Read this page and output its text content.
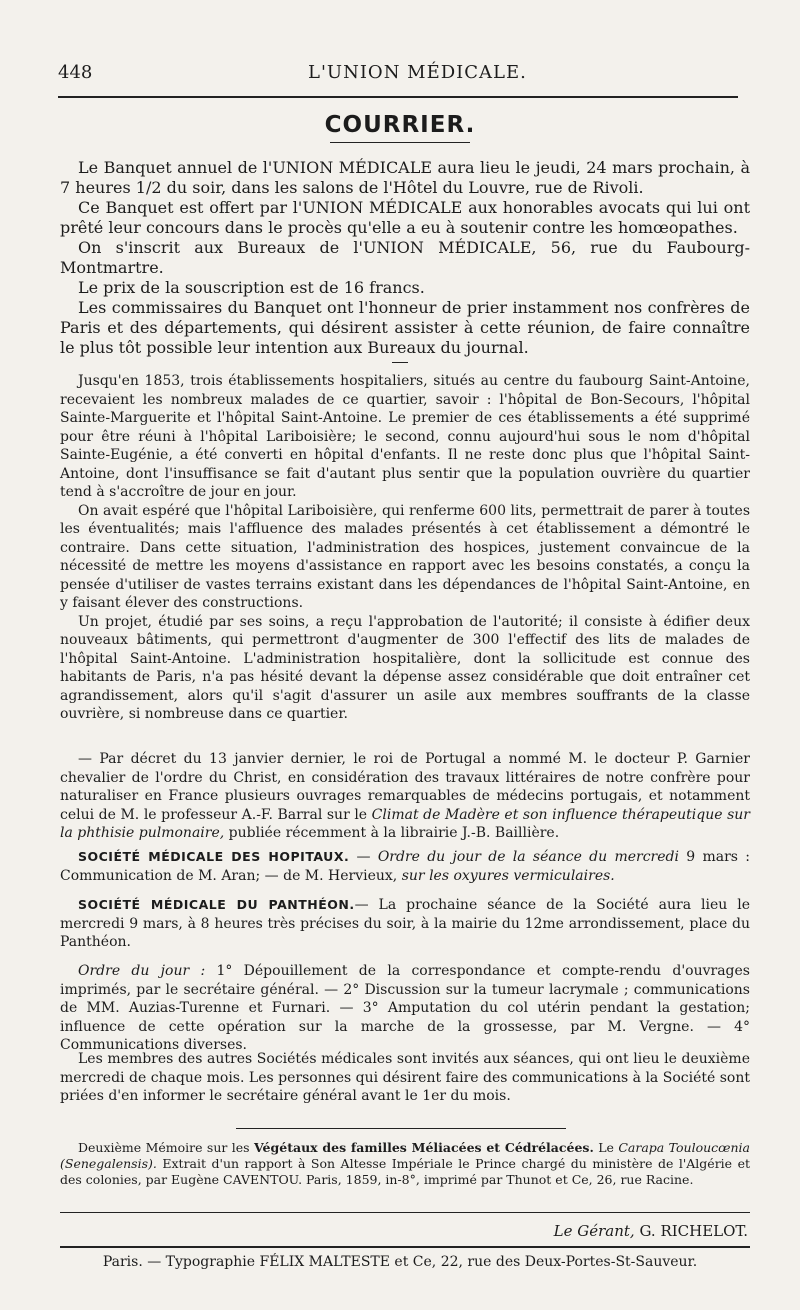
448	L'UNION MÉDICALE.
COURRIER.

Le Banquet annuel de l'UNION MÉDICALE aura lieu le jeudi, 24 mars prochain, à 7 heures 1/2 du soir, dans les salons de l'Hôtel du Louvre, rue de Rivoli.

Ce Banquet est offert par l'UNION MÉDICALE aux honorables avocats qui lui ont prêté leur concours dans le procès qu'elle a eu à soutenir contre les homœopathes.

On s'inscrit aux Bureaux de l'UNION MÉDICALE, 56, rue du Faubourg-Montmartre.

Le prix de la souscription est de 16 francs.

Les commissaires du Banquet ont l'honneur de prier instamment nos confrères de Paris et des départements, qui désirent assister à cette réunion, de faire connaître le plus tôt possible leur intention aux Bureaux du journal.

Jusqu'en 1853, trois établissements hospitaliers, situés au centre du faubourg Saint-Antoine, recevaient les nombreux malades de ce quartier, savoir : l'hôpital de Bon-Secours, l'hôpital Sainte-Marguerite et l'hôpital Saint-Antoine. Le premier de ces établissements a été supprimé pour être réuni à l'hôpital Lariboisière; le second, connu aujourd'hui sous le nom d'hôpital Sainte-Eugénie, a été converti en hôpital d'enfants. Il ne reste donc plus que l'hôpital Saint-Antoine, dont l'insuffisance se fait d'autant plus sentir que la population ouvrière du quartier tend à s'accroître de jour en jour.

On avait espéré que l'hôpital Lariboisière, qui renferme 600 lits, permettrait de parer à toutes les éventualités; mais l'affluence des malades présentés à cet établissement a démontré le contraire. Dans cette situation, l'administration des hospices, justement convaincue de la nécessité de mettre les moyens d'assistance en rapport avec les besoins constatés, a conçu la pensée d'utiliser de vastes terrains existant dans les dépendances de l'hôpital Saint-Antoine, en y faisant élever des constructions.

Un projet, étudié par ses soins, a reçu l'approbation de l'autorité; il consiste à édifier deux nouveaux bâtiments, qui permettront d'augmenter de 300 l'effectif des lits de malades de l'hôpital Saint-Antoine. L'administration hospitalière, dont la sollicitude est connue des habitants de Paris, n'a pas hésité devant la dépense assez considérable que doit entraîner cet agrandissement, alors qu'il s'agit d'assurer un asile aux membres souffrants de la classe ouvrière, si nombreuse dans ce quartier.

— Par décret du 13 janvier dernier, le roi de Portugal a nommé M. le docteur P. Garnier chevalier de l'ordre du Christ, en considération des travaux littéraires de notre confrère pour naturaliser en France plusieurs ouvrages remarquables de médecins portugais, et notamment celui de M. le professeur A.-F. Barral sur le Climat de Madère et son influence thérapeutique sur la phthisie pulmonaire, publiée récemment à la librairie J.-B. Baillière.

SOCIÉTÉ MÉDICALE DES HOPITAUX. — Ordre du jour de la séance du mercredi 9 mars : Communication de M. Aran; — de M. Hervieux, sur les oxyures vermiculaires.

SOCIÉTÉ MÉDICALE DU PANTHÉON.— La prochaine séance de la Société aura lieu le mercredi 9 mars, à 8 heures très précises du soir, à la mairie du 12me arrondissement, place du Panthéon.

Ordre du jour : 1° Dépouillement de la correspondance et compte-rendu d'ouvrages imprimés, par le secrétaire général. — 2° Discussion sur la tumeur lacrymale ; communications de MM. Auzias-Turenne et Furnari. — 3° Amputation du col utérin pendant la gestation; influence de cette opération sur la marche de la grossesse, par M. Vergne. — 4° Communications diverses.

Les membres des autres Sociétés médicales sont invités aux séances, qui ont lieu le deuxième mercredi de chaque mois. Les personnes qui désirent faire des communications à la Société sont priées d'en informer le secrétaire général avant le 1er du mois.

Deuxième Mémoire sur les Végétaux des familles Méliacées et Cédrélacées. Le Carapa Touloucœnia (Senegalensis). Extrait d'un rapport à Son Altesse Impériale le Prince chargé du ministère de l'Algérie et des colonies, par Eugène CAVENTOU. Paris, 1859, in-8°, imprimé par Thunot et Ce, 26, rue Racine.

Le Gérant, G. RICHELOT.
Paris. — Typographie FÉLIX MALTESTE et Ce, 22, rue des Deux-Portes-St-Sauveur.
